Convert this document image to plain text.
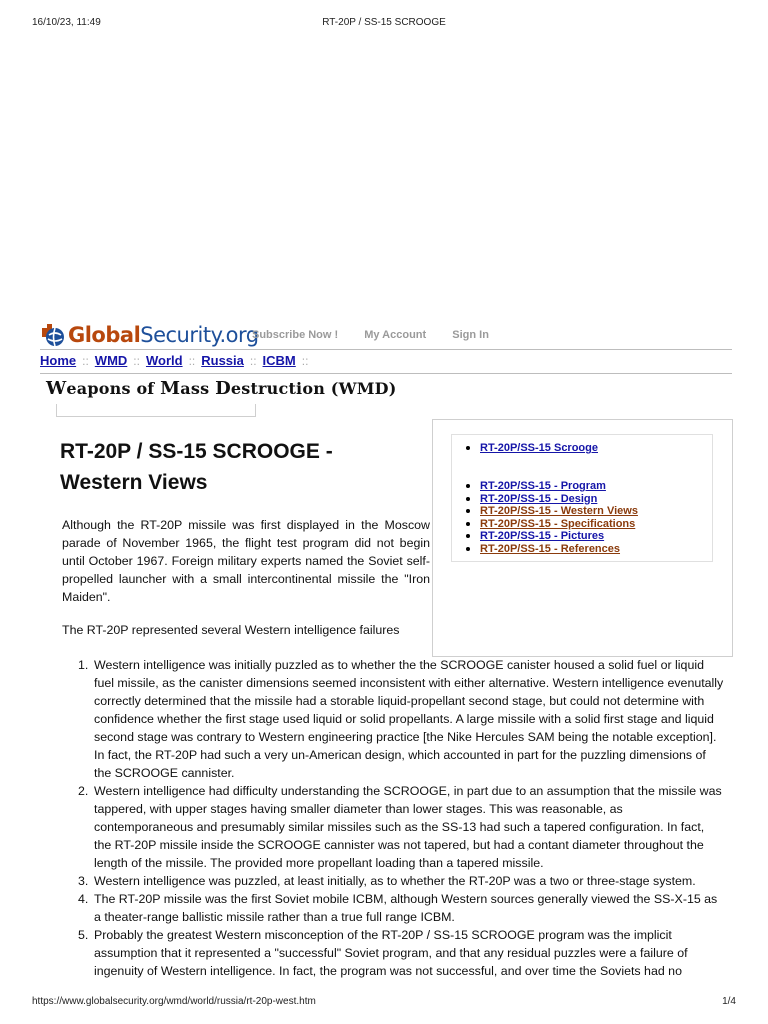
16/10/23, 11:49	RT-20P / SS-15 SCROOGE
GlobalSecurity.org
Subscribe Now ! My Account Sign In
Home :: WMD :: World :: Russia :: ICBM ::
Weapons of Mass Destruction (WMD)
RT-20P / SS-15 SCROOGE - Western Views
RT-20P/SS-15 Scroogе
RT-20P/SS-15 - Program
RT-20P/SS-15 - Design
RT-20P/SS-15 - Western Views
RT-20P/SS-15 - Specifications
RT-20P/SS-15 - Pictures
RT-20P/SS-15 - References

Although the RT-20P missile was first displayed in the Moscow parade of November 1965, the flight test program did not begin until October 1967. Foreign military experts named the Soviet self-propelled launcher with a small intercontinental missile the "Iron Maiden".

The RT-20P represented several Western intelligence failures

1. Western intelligence was initially puzzled as to whether the the SCROOGE canister housed a solid fuel or liquid fuel missile, as the canister dimensions seemed inconsistent with either alternative. Western intelligence evenutally correctly determined that the missile had a storable liquid-propellant second stage, but could not determine with confidence whether the first stage used liquid or solid propellants. A large missile with a solid first stage and liquid second stage was contrary to Western engineering practice [the Nike Hercules SAM being the notable exception]. In fact, the RT-20P had such a very un-American design, which accounted in part for the puzzling dimensions of the SCROOGE cannister.
2. Western intelligence had difficulty understanding the SCROOGE, in part due to an assumption that the missile was tappered, with upper stages having smaller diameter than lower stages. This was reasonable, as contemporaneous and presumably similar missiles such as the SS-13 had such a tapered configuration. In fact, the RT-20P missile inside the SCROOGE cannister was not tapered, but had a contant diameter throughout the length of the missile. The provided more propellant loading than a tapered missile.
3. Western intelligence was puzzled, at least initially, as to whether the RT-20P was a two or three-stage system.
4. The RT-20P missile was the first Soviet mobile ICBM, although Western sources generally viewed the SS-X-15 as a theater-range ballistic missile rather than a true full range ICBM.
5. Probably the greatest Western misconception of the RT-20P / SS-15 SCROOGE program was the implicit assumption that it represented a "successful" Soviet program, and that any residual puzzles were a failure of ingenuity of Western intelligence. In fact, the program was not successful, and over time the Soviets had no
https://www.globalsecurity.org/wmd/world/russia/rt-20p-west.htm	1/4
